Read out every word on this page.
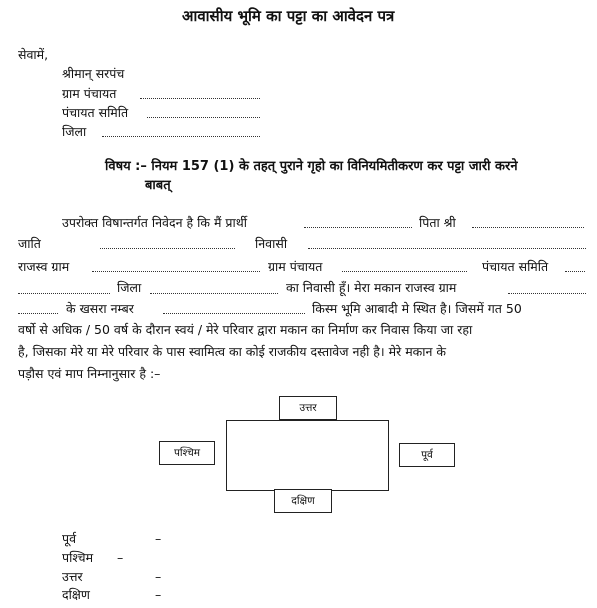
आवासीय भूमि का पट्टा का आवेदन पत्र
सेवामें,
श्रीमान् सरपंच
ग्राम पंचायत
पंचायत समिति
जिला
विषय :– नियम 157 (1) के तहत् पुराने गृहो का विनियमितीकरण कर पट्टा जारी करने
बाबत्
उपरोक्त विषान्तर्गत निवेदन है कि मैं प्रार्थी	पिता श्री
जाति	निवासी
राजस्व ग्राम	ग्राम पंचायत	पंचायत समिति
जिला	का निवासी हूँ। मेरा मकान राजस्व ग्राम
के खसरा नम्बर	किस्म भूमि आबादी मे स्थित है। जिसमें गत 50
वर्षो से अधिक / 50 वर्ष के दौरान स्वयं / मेरे परिवार द्वारा मकान का निर्माण कर निवास किया जा रहा
है, जिसका मेरे या मेरे परिवार के पास स्वामित्व का कोई राजकीय दस्तावेज नही है। मेरे मकान के
पड़ौस एवं माप निम्नानुसार है :–
उत्तर
पश्चिम	पूर्व
दक्षिण
पूर्व	–
पश्चिम –
उत्तर	–
दक्षिण	–
